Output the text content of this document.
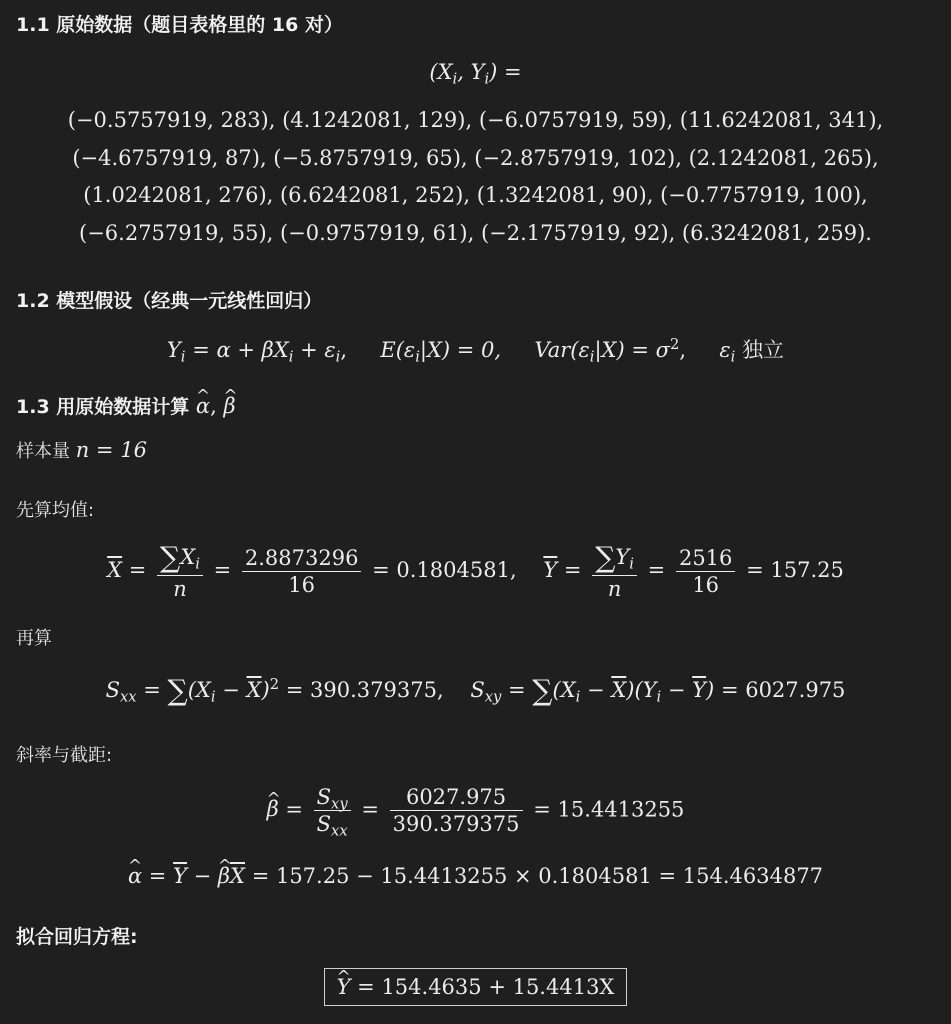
1.1 原始数据（题目表格里的 16 对）
($X_i$, $Y_i$) =
(−0.5757919, 283), (4.1242081, 129), (−6.0757919, 59), (11.6242081, 341),
(−4.6757919, 87), (−5.8757919, 65), (−2.8757919, 102), (2.1242081, 265),
(1.0242081, 276), (6.6242081, 252), (1.3242081, 90), (−0.7757919, 100),
(−6.2757919, 55), (−0.9757919, 61), (−2.1757919, 92), (6.3242081, 259).
1.2 模型假设（经典一元线性回归）
$Y_i = \alpha + \beta X_i + \varepsilon_i$,     $E(\varepsilon_i|X) = 0$, $Var(\varepsilon_i|X) = \sigma^2$, $\varepsilon_i$ 独立
1.3 用原始数据计算 ^ α, ^ β
样本量 n = 16
先算均值:
$\overline{X} = \frac{\sum X_i}{n} = \frac{2.8873296}{16} = 0.1804581$, $\overline{Y} = \frac{\sum Y_i}{n} = \frac{2516}{16} = 157.25$
再算
$S_{xx} = \sum(X_i - \overline{X})^2 = 390.379375$, $S_{xy} = \sum(X_i - \overline{X})(Y_i - \overline{Y}) = 6027.975$
斜率与截距:
^ $\beta = \frac{S_{xy}}{S_{xx}} = \frac{6027.975}{390.379375} = 15.4413255$
^ $\alpha = \overline{Y}$ − ^ $\beta\overline{X} = 157.25 - 15.4413255 \times 0.1804581 = 154.4634877$
拟合回归方程:
^ Y = 154.4635 + 15.4413X
